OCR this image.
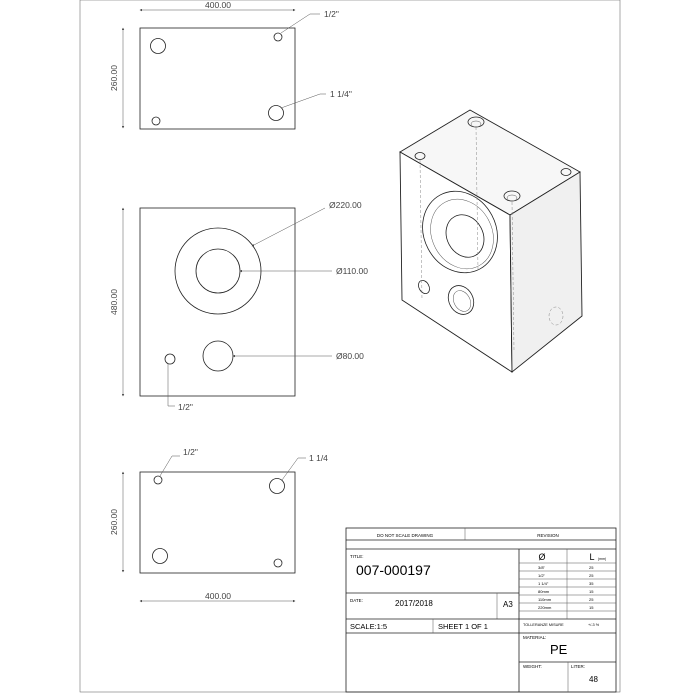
400.00
260.00
1/2"
1 1/4"
480.00
Ø220.00
Ø110.00
Ø80.00
1/2"
260.00
1/2"
1 1/4
400.00
DO NOT SCALE DRAWING	REVISION
TITLE:
007-000197
DATE:	2017/2018	A3
SCALE:1:5	SHEET 1 OF 1
MATERIAL:
PE
WEIGHT:	LITER:
48
Ø	L (mm)
3/8"	25
1/2"	25
1 1/4"	35
80mm	15
110mm	25
220mm	15
TOLLERANZE MISURE	+/-3 %
